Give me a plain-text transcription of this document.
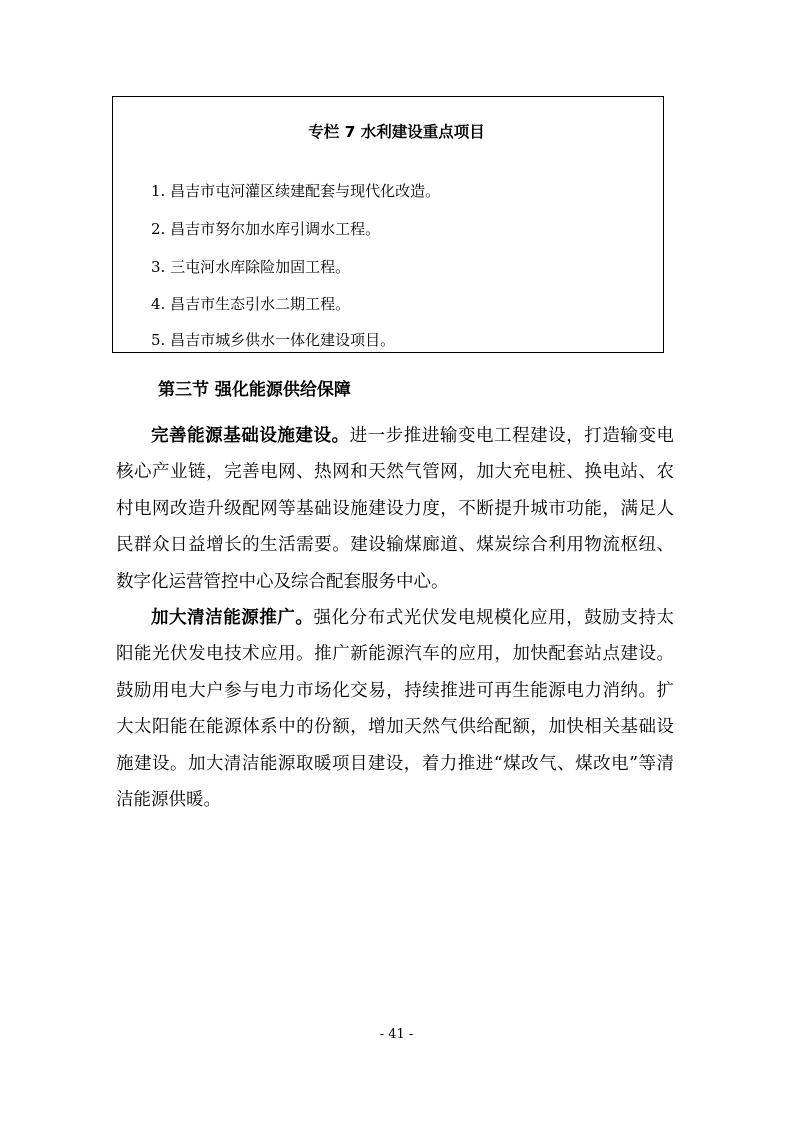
专栏 7 水利建设重点项目

1. 昌吉市屯河灌区续建配套与现代化改造。

2. 昌吉市努尔加水库引调水工程。

3. 三屯河水库除险加固工程。

4. 昌吉市生态引水二期工程。

5. 昌吉市城乡供水一体化建设项目。

第三节 强化能源供给保障

完善能源基础设施建设。进一步推进输变电工程建设，打造输变电核心产业链，完善电网、热网和天然气管网，加大充电桩、换电站、农村电网改造升级配网等基础设施建设力度，不断提升城市功能，满足人民群众日益增长的生活需要。建设输煤廊道、煤炭综合利用物流枢纽、数字化运营管控中心及综合配套服务中心。

加大清洁能源推广。强化分布式光伏发电规模化应用，鼓励支持太阳能光伏发电技术应用。推广新能源汽车的应用，加快配套站点建设。鼓励用电大户参与电力市场化交易，持续推进可再生能源电力消纳。扩大太阳能在能源体系中的份额，增加天然气供给配额，加快相关基础设施建设。加大清洁能源取暖项目建设，着力推进“煤改气、煤改电”等清洁能源供暖。

- 41 -
